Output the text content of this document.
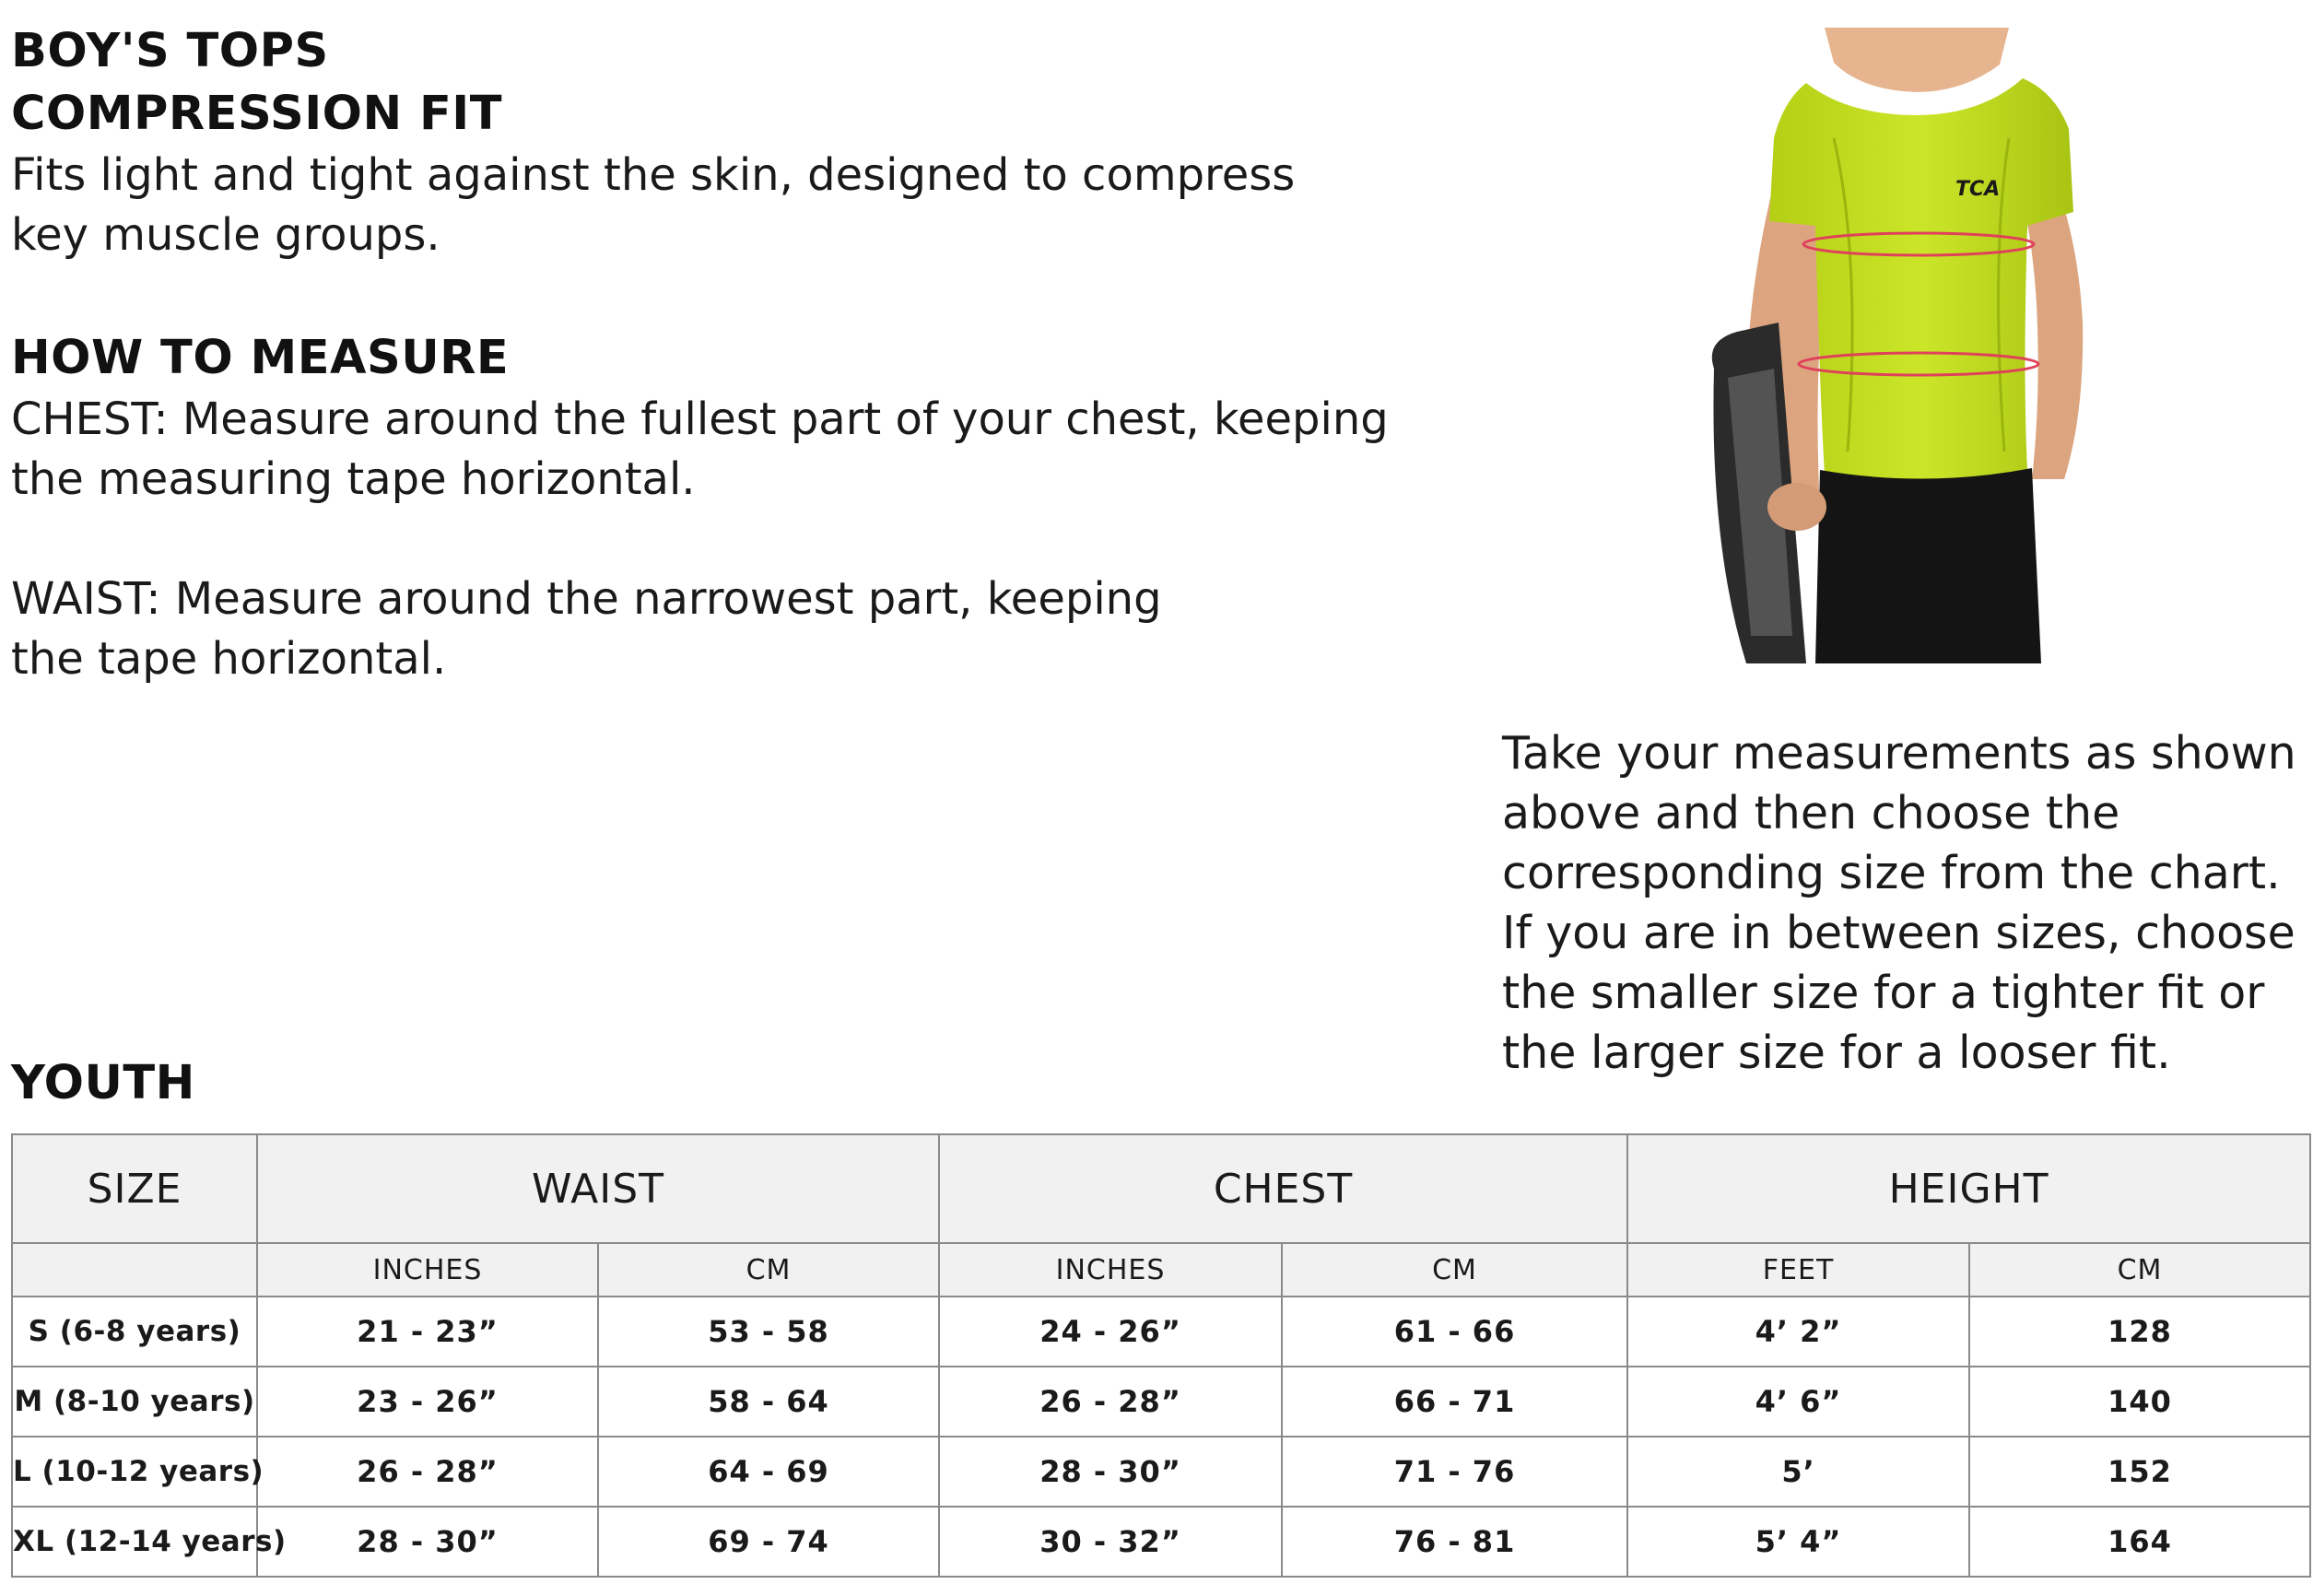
BOY'S TOPS
COMPRESSION FIT

Fits light and tight against the skin, designed to compress
key muscle groups.

HOW TO MEASURE

CHEST: Measure around the fullest part of your chest, keeping
the measuring tape horizontal.

WAIST: Measure around the narrowest part, keeping
the tape horizontal.

TCA

Take your measurements as shown
above and then choose the
corresponding size from the chart.
If you are in between sizes, choose
the smaller size for a tighter fit or
the larger size for a looser fit.

YOUTH
SIZE	WAIST		CHEST		HEIGHT	
	INCHES	CM	INCHES	CM	FEET	CM
S (6-8 years)	21 - 23”	53 - 58	24 - 26”	61 - 66	4’ 2”	128
M (8-10 years)	23 - 26”	58 - 64	26 - 28”	66 - 71	4’ 6”	140
L (10-12 years)	26 - 28”	64 - 69	28 - 30”	71 - 76	5’	152
XL (12-14 years)	28 - 30”	69 - 74	30 - 32”	76 - 81	5’ 4”	164
